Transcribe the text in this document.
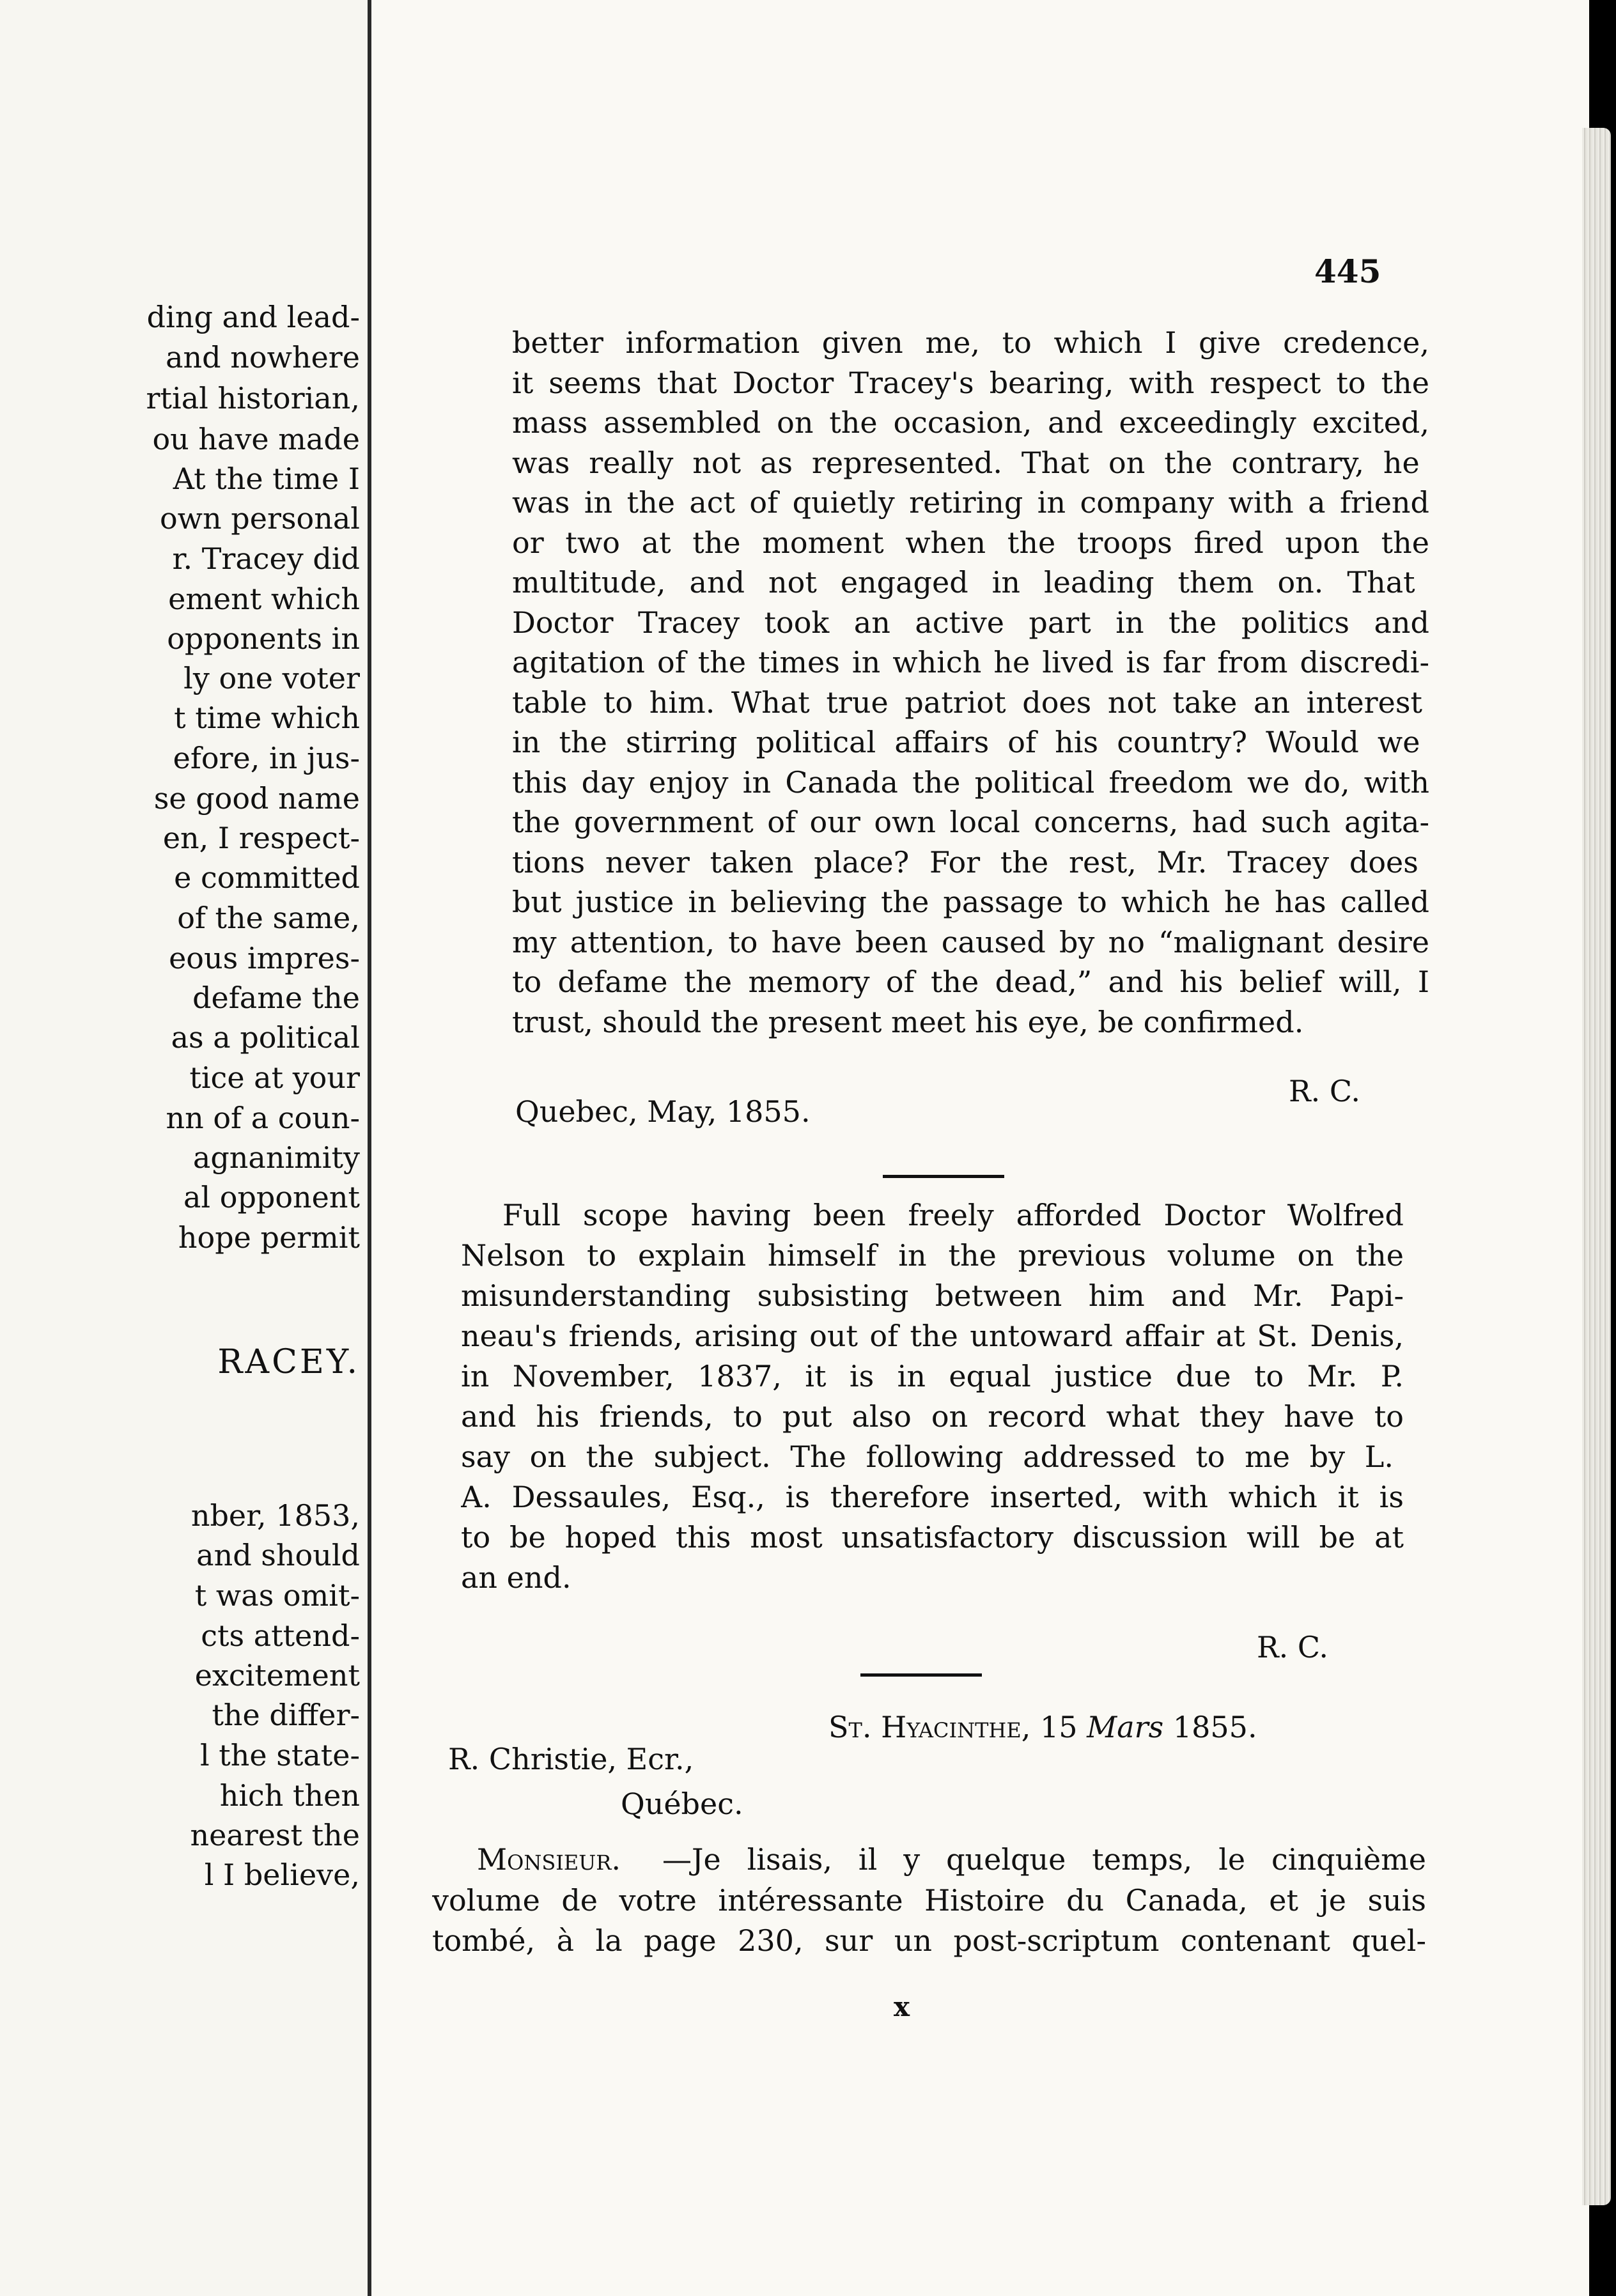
ding and lead-
and nowhere
rtial historian,
ou have made
At the time I
own personal
r. Tracey did
ement which
opponents in
ly one voter
t time which
efore, in jus-
se good name
en, I respect-
e committed
of the same,
eous impres-
defame the
as a political
tice at your
nn of a coun-
agnanimity
al opponent
hope permit
RACEY.
nber, 1853,
and should
t was omit-
cts attend-
excitement
the differ-
l the state-
hich then
nearest the
l I believe,
445
better information given me, to which I give credence,
it seems that Doctor Tracey's bearing, with respect to the
mass assembled on the occasion, and exceedingly excited,
was really not as represented. That on the contrary, he
was in the act of quietly retiring in company with a friend
or two at the moment when the troops fired upon the
multitude, and not engaged in leading them on. That
Doctor Tracey took an active part in the politics and
agitation of the times in which he lived is far from discredi-
table to him. What true patriot does not take an interest
in the stirring political affairs of his country? Would we
this day enjoy in Canada the political freedom we do, with
the government of our own local concerns, had such agita-
tions never taken place? For the rest, Mr. Tracey does
but justice in believing the passage to which he has called
my attention, to have been caused by no “malignant desire
to defame the memory of the dead,” and his belief will, I
trust, should the present meet his eye, be confirmed.
R. C.
Quebec, May, 1855.
Full scope having been freely afforded Doctor Wolfred
Nelson to explain himself in the previous volume on the
misunderstanding subsisting between him and Mr. Papi-
neau's friends, arising out of the untoward affair at St. Denis,
in November, 1837, it is in equal justice due to Mr. P.
and his friends, to put also on record what they have to
say on the subject. The following addressed to me by L.
A. Dessaules, Esq., is therefore inserted, with which it is
to be hoped this most unsatisfactory discussion will be at
an end.
R. C.
St. Hyacinthe, 15 Mars 1855.
R. Christie, Ecr.,
Québec.
Monsieur. —Je lisais, il y quelque temps, le cinquième
volume de votre intéressante Histoire du Canada, et je suis
tombé, à la page 230, sur un post-scriptum contenant quel-
x
